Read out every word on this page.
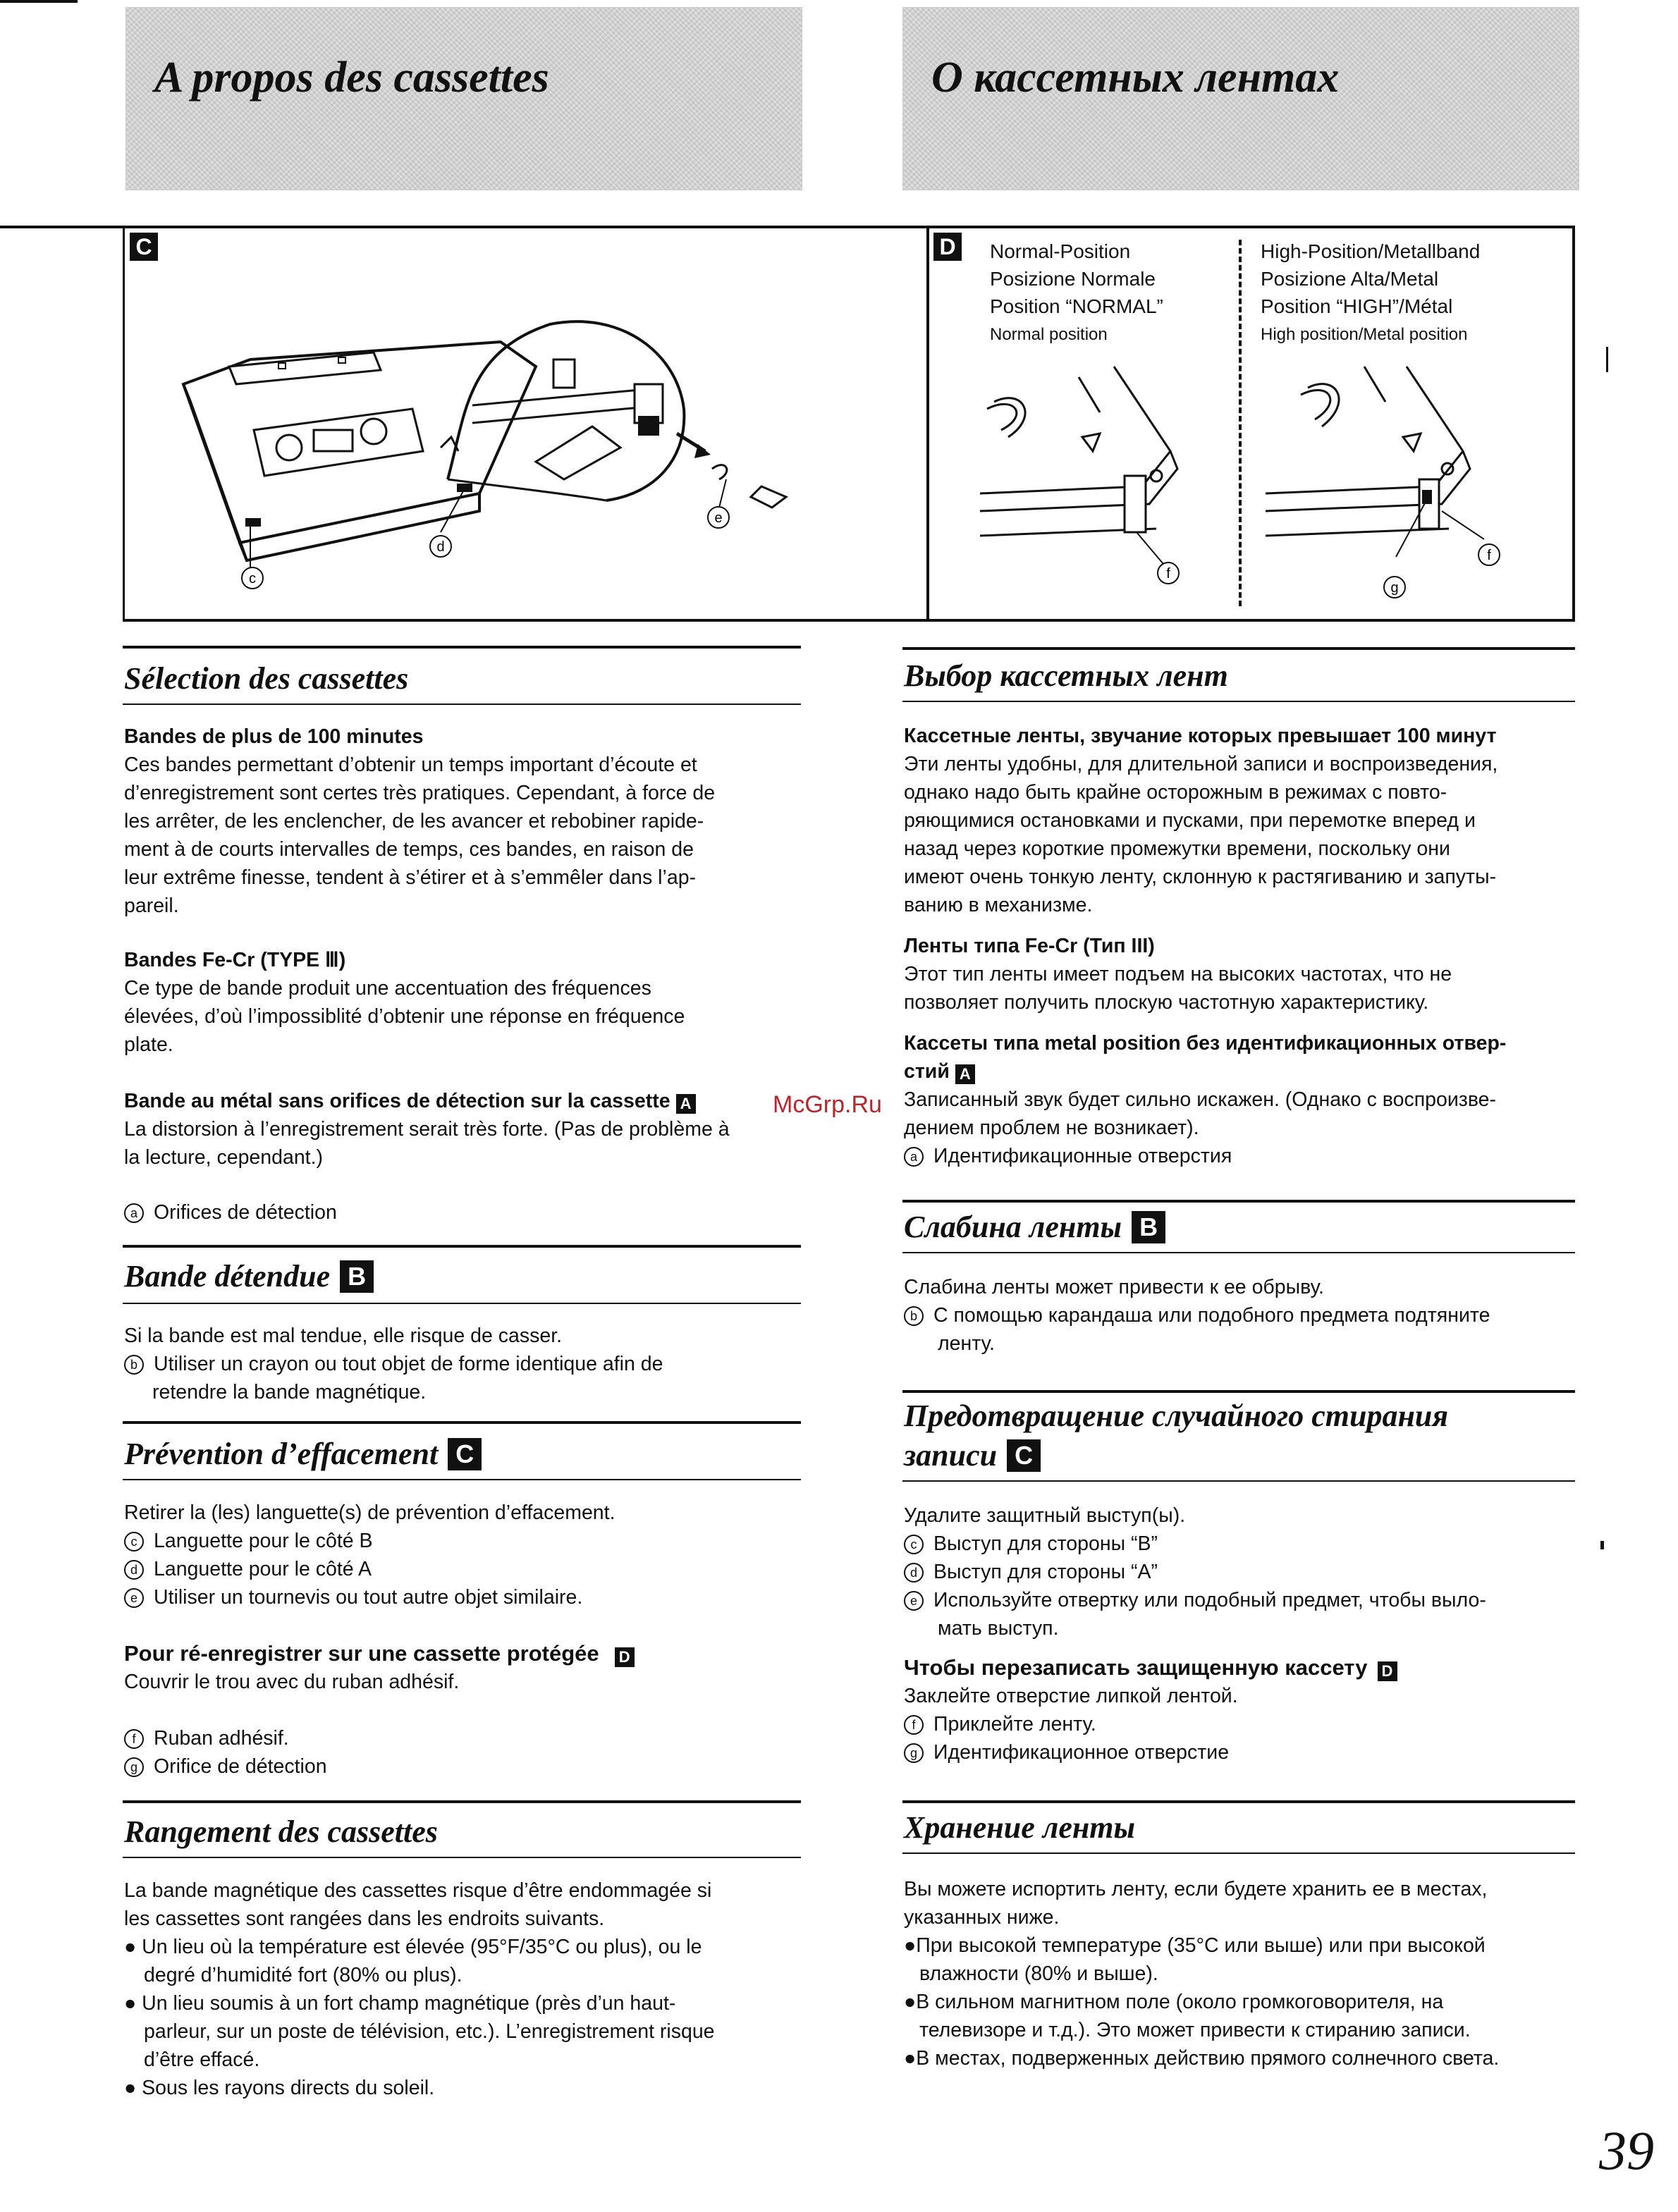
A propos des cassettes	О кассетных лентах
C
c
d
e
D	Normal-Position
Posizione Normale
Position “NORMAL”
Normal position
High-Position/Metallband
Posizione Alta/Metal
Position “HIGH”/Métal
High position/Metal position
f
g
f
Sélection des cassettes
Bandes de plus de 100 minutes
Ces bandes permettant d’obtenir un temps important d’écoute et
d’enregistrement sont certes très pratiques. Cependant, à force de
les arrêter, de les enclencher, de les avancer et rebobiner rapide-
ment à de courts intervalles de temps, ces bandes, en raison de
leur extrême finesse, tendent à s’étirer et à s’emmêler dans l’ap-
pareil.
Bandes Fe-Cr (TYPE Ⅲ)
Ce type de bande produit une accentuation des fréquences
élevées, d’où l’impossiblité d’obtenir une réponse en fréquence
plate.
Bande au métal sans orifices de détection sur la cassette A
La distorsion à l’enregistrement serait très forte. (Pas de problème à
la lecture, cependant.)
a Orifices de détection
Bande détendue B
Si la bande est mal tendue, elle risque de casser.
b Utiliser un crayon ou tout objet de forme identique afin de
retendre la bande magnétique.
Prévention d’effacement C
Retirer la (les) languette(s) de prévention d’effacement.
c Languette pour le côté B
d Languette pour le côté A
e Utiliser un tournevis ou tout autre objet similaire.
Pour ré-enregistrer sur une cassette protégée D
Couvrir le trou avec du ruban adhésif.
f Ruban adhésif.
g Orifice de détection
Rangement des cassettes
La bande magnétique des cassettes risque d’être endommagée si
les cassettes sont rangées dans les endroits suivants.
● Un lieu où la température est élevée (95°F/35°C ou plus), ou le
degré d’humidité fort (80% ou plus).
● Un lieu soumis à un fort champ magnétique (près d’un haut-
parleur, sur un poste de télévision, etc.). L’enregistrement risque
d’être effacé.
● Sous les rayons directs du soleil.
Выбор кассетных лент
Кассетные ленты, звучание которых превышает 100 минут
Эти ленты удобны, для длительной записи и воспроизведения,
однако надо быть крайне осторожным в режимах с повто-
ряющимися остановками и пусками, при перемотке вперед и
назад через короткие промежутки времени, поскольку они
имеют очень тонкую ленту, склонную к растягиванию и запуты-
ванию в механизме.
Ленты типа Fe-Cr (Тип III)
Этот тип ленты имеет подъем на высоких частотах, что не
позволяет получить плоскую частотную характеристику.
Кассеты типа metal position без идентификационных отвер-
стий A
Записанный звук будет сильно искажен. (Однако с воспроизве-
дением проблем не возникает).
a Идентификационные отверстия
Слабина ленты B
Слабина ленты может привести к ее обрыву.
b С помощью карандаша или подобного предмета подтяните
ленту.
Предотвращение случайного стирания
записи C
Удалите защитный выступ(ы).
c Выступ для стороны “B”
d Выступ для стороны “A”
e Используйте отвертку или подобный предмет, чтобы выло-
мать выступ.
Чтобы перезаписать защищенную кассету D
Заклейте отверстие липкой лентой.
f Приклейте ленту.
g Идентификационное отверстие
Хранение ленты
Вы можете испортить ленту, если будете хранить ее в местах,
указанных ниже.
●При высокой температуре (35°C или выше) или при высокой
влажности (80% и выше).
●В сильном магнитном поле (около громкоговорителя, на
телевизоре и т.д.). Это может привести к стиранию записи.
●В местах, подверженных действию прямого солнечного света.
McGrp.Ru
39
